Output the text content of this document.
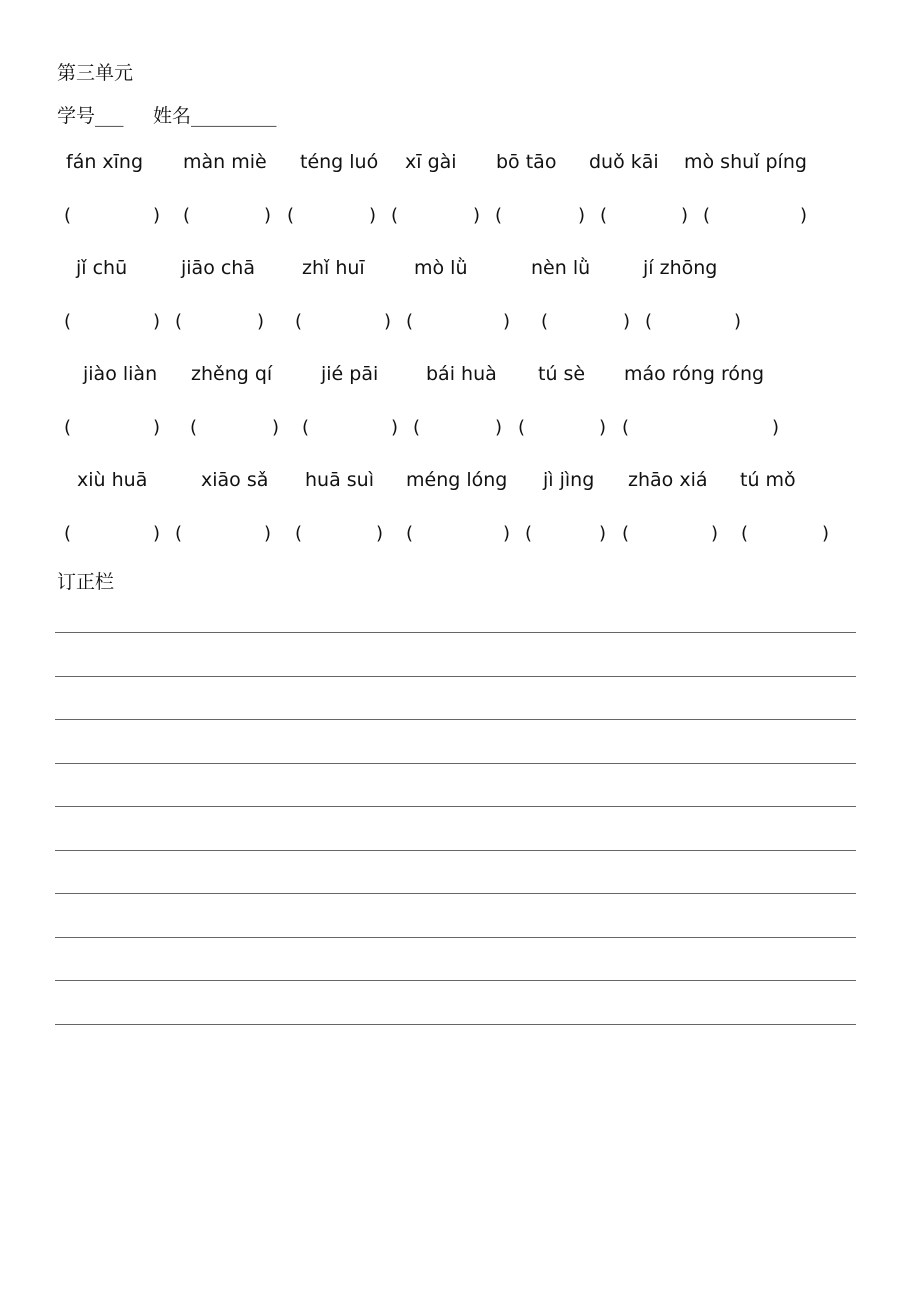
第三单元
学号___ 姓名_________
fán xīng màn miè téng luó xī gài bō tāo duǒ kāi mò shuǐ píng
(	) (	) (	) (	) (	) (	) (	)
jǐ chū	jiāo chā zhǐ huī	mò lǜ	nèn lǜ	jí zhōng
(	) (	) (	) (	) (	) (	)
jiào liàn zhěng qí	jié pāi	bái huà tú sè máo róng róng
(	) (	) (	) (	) (	) (	)
xiù huā	xiāo sǎ huā suì méng lóng jì jìng zhāo xiá tú mǒ
(	) (	) (	) (	) (	) (	) (	)
订正栏
